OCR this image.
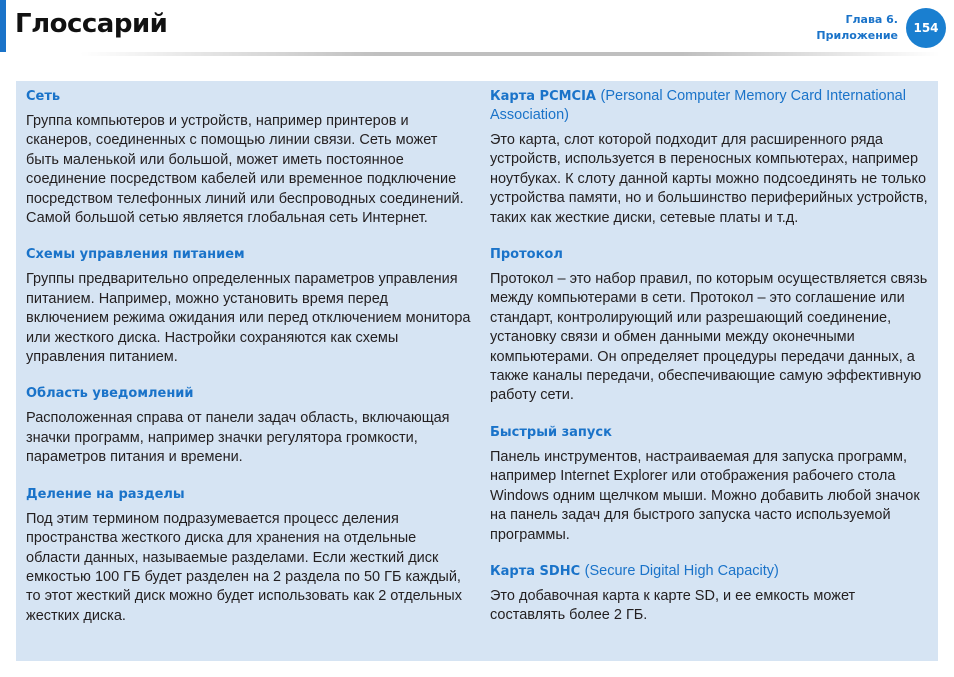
Глоссарий	Глава 6.
Приложение
154

Сеть

Группа компьютеров и устройств, например принтеров и сканеров, соединенных с помощью линии связи. Сеть может быть маленькой или большой, может иметь постоянное соединение посредством кабелей или временное подключение посредством телефонных линий или беспроводных соединений. Самой большой сетью является глобальная сеть Интернет.

Схемы управления питанием

Группы предварительно определенных параметров управления питанием. Например, можно установить время перед включением режима ожидания или перед отключением монитора или жесткого диска. Настройки сохраняются как схемы управления питанием.

Область уведомлений

Расположенная справа от панели задач область, включающая значки программ, например значки регулятора громкости, параметров питания и времени.

Деление на разделы

Под этим термином подразумевается процесс деления пространства жесткого диска для хранения на отдельные области данных, называемые разделами. Если жесткий диск емкостью 100 ГБ будет разделен на 2 раздела по 50 ГБ каждый, то этот жесткий диск можно будет использовать как 2 отдельных жестких диска.

Карта PCMCIA (Personal Computer Memory Card International Association)

Это карта, слот которой подходит для расширенного ряда устройств, используется в переносных компьютерах, например ноутбуках. К слоту данной карты можно подсоединять не только устройства памяти, но и большинство периферийных устройств, таких как жесткие диски, сетевые платы и т.д.

Протокол

Протокол – это набор правил, по которым осуществляется связь между компьютерами в сети. Протокол – это соглашение или стандарт, контролирующий или разрешающий соединение, установку связи и обмен данными между оконечными компьютерами. Он определяет процедуры передачи данных, а также каналы передачи, обеспечивающие самую эффективную работу сети.

Быстрый запуск

Панель инструментов, настраиваемая для запуска программ, например Internet Explorer или отображения рабочего стола Windows одним щелчком мыши. Можно добавить любой значок на панель задач для быстрого запуска часто используемой программы.

Карта SDHC (Secure Digital High Capacity)

Это добавочная карта к карте SD, и ее емкость может составлять более 2 ГБ.
